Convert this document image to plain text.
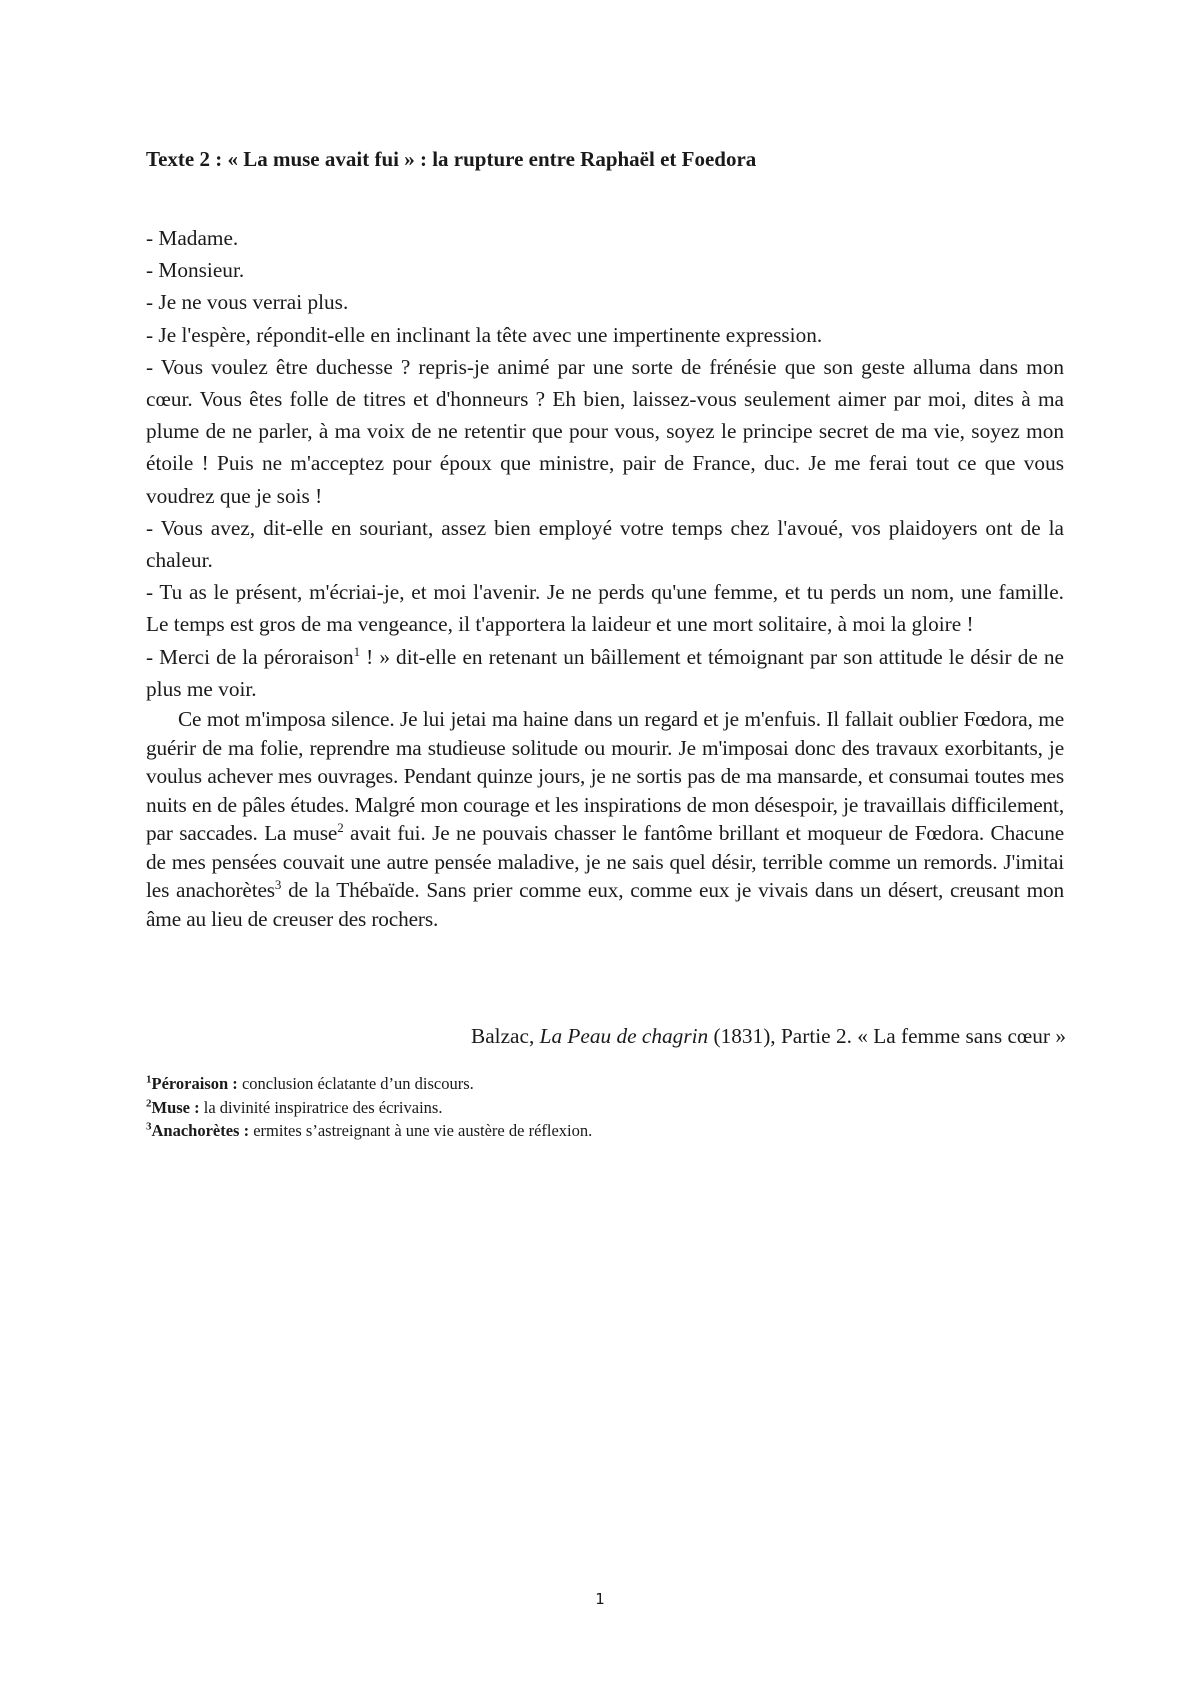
Texte 2 : « La muse avait fui » : la rupture entre Raphaël et Foedora

- Madame.

- Monsieur.

- Je ne vous verrai plus.

- Je l'espère, répondit-elle en inclinant la tête avec une impertinente expression.

- Vous voulez être duchesse ? repris-je animé par une sorte de frénésie que son geste alluma dans mon cœur. Vous êtes folle de titres et d'honneurs ? Eh bien, laissez-vous seulement aimer par moi, dites à ma plume de ne parler, à ma voix de ne retentir que pour vous, soyez le principe secret de ma vie, soyez mon étoile ! Puis ne m'acceptez pour époux que ministre, pair de France, duc. Je me ferai tout ce que vous voudrez que je sois !

- Vous avez, dit-elle en souriant, assez bien employé votre temps chez l'avoué, vos plaidoyers ont de la chaleur.

- Tu as le présent, m'écriai-je, et moi l'avenir. Je ne perds qu'une femme, et tu perds un nom, une famille. Le temps est gros de ma vengeance, il t'apportera la laideur et une mort solitaire, à moi la gloire !

- Merci de la péroraison$^1$ ! » dit-elle en retenant un bâillement et témoignant par son attitude le désir de ne plus me voir.

Ce mot m'imposa silence. Je lui jetai ma haine dans un regard et je m'enfuis. Il fallait oublier Fœdora, me guérir de ma folie, reprendre ma studieuse solitude ou mourir. Je m'imposai donc des travaux exorbitants, je voulus achever mes ouvrages. Pendant quinze jours, je ne sortis pas de ma mansarde, et consumai toutes mes nuits en de pâles études. Malgré mon courage et les inspirations de mon désespoir, je travaillais difficilement, par saccades. La muse$^2$ avait fui. Je ne pouvais chasser le fantôme brillant et moqueur de Fœdora. Chacune de mes pensées couvait une autre pensée maladive, je ne sais quel désir, terrible comme un remords. J'imitai les anachorètes$^3$ de la Thébaïde. Sans prier comme eux, comme eux je vivais dans un désert, creusant mon âme au lieu de creuser des rochers.

Balzac, La Peau de chagrin (1831), Partie 2. « La femme sans cœur »
$^1$Péroraison : conclusion éclatante d’un discours.
$^2$Muse : la divinité inspiratrice des écrivains.
$^3$Anachorètes : ermites s’astreignant à une vie austère de réflexion.
1
